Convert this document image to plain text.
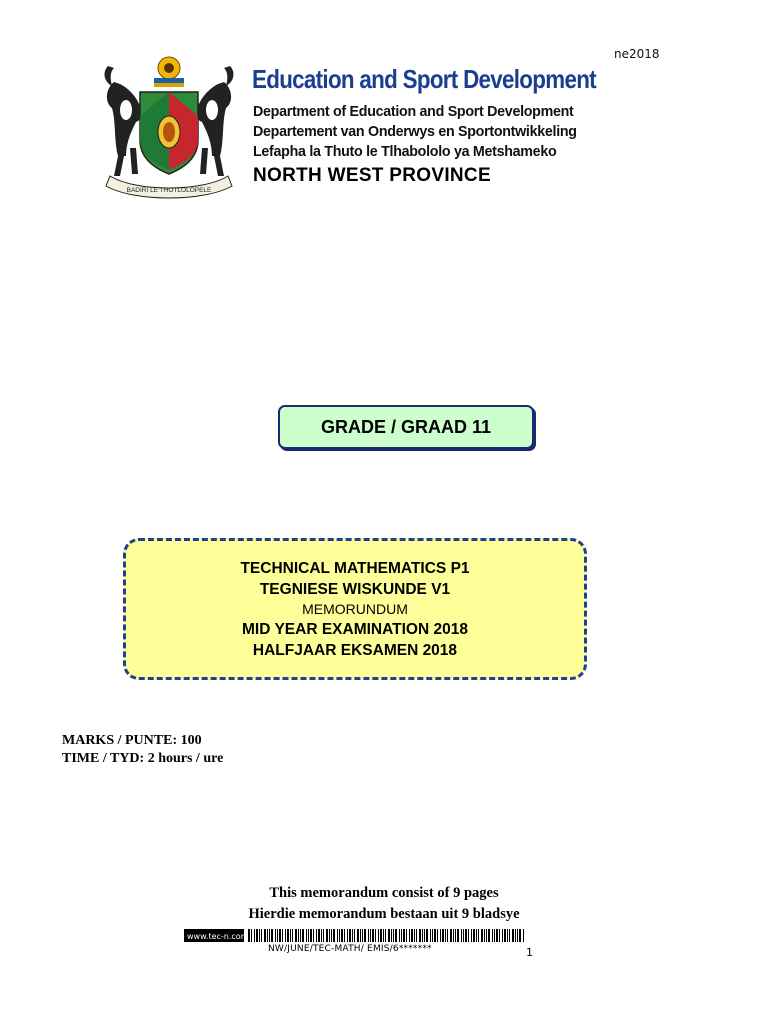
ne2018
BADIRI LE THOTLOLOPELE
Education and Sport Development
Department of Education and Sport Development
Departement van Onderwys en Sportontwikkeling
Lefapha la Thuto le Tlhabololo ya Metshameko
NORTH WEST PROVINCE
GRADE / GRAAD 11
TECHNICAL MATHEMATICS P1
TEGNIESE WISKUNDE V1
MEMORUNDUM
MID YEAR EXAMINATION 2018
HALFJAAR EKSAMEN 2018
MARKS / PUNTE: 100
TIME / TYD: 2 hours / ure
This memorandum consist of 9 pages
Hierdie memorandum bestaan uit 9 bladsye
www.tec-n.com
NW/JUNE/TEC-MATH/ EMIS/6*******	1
